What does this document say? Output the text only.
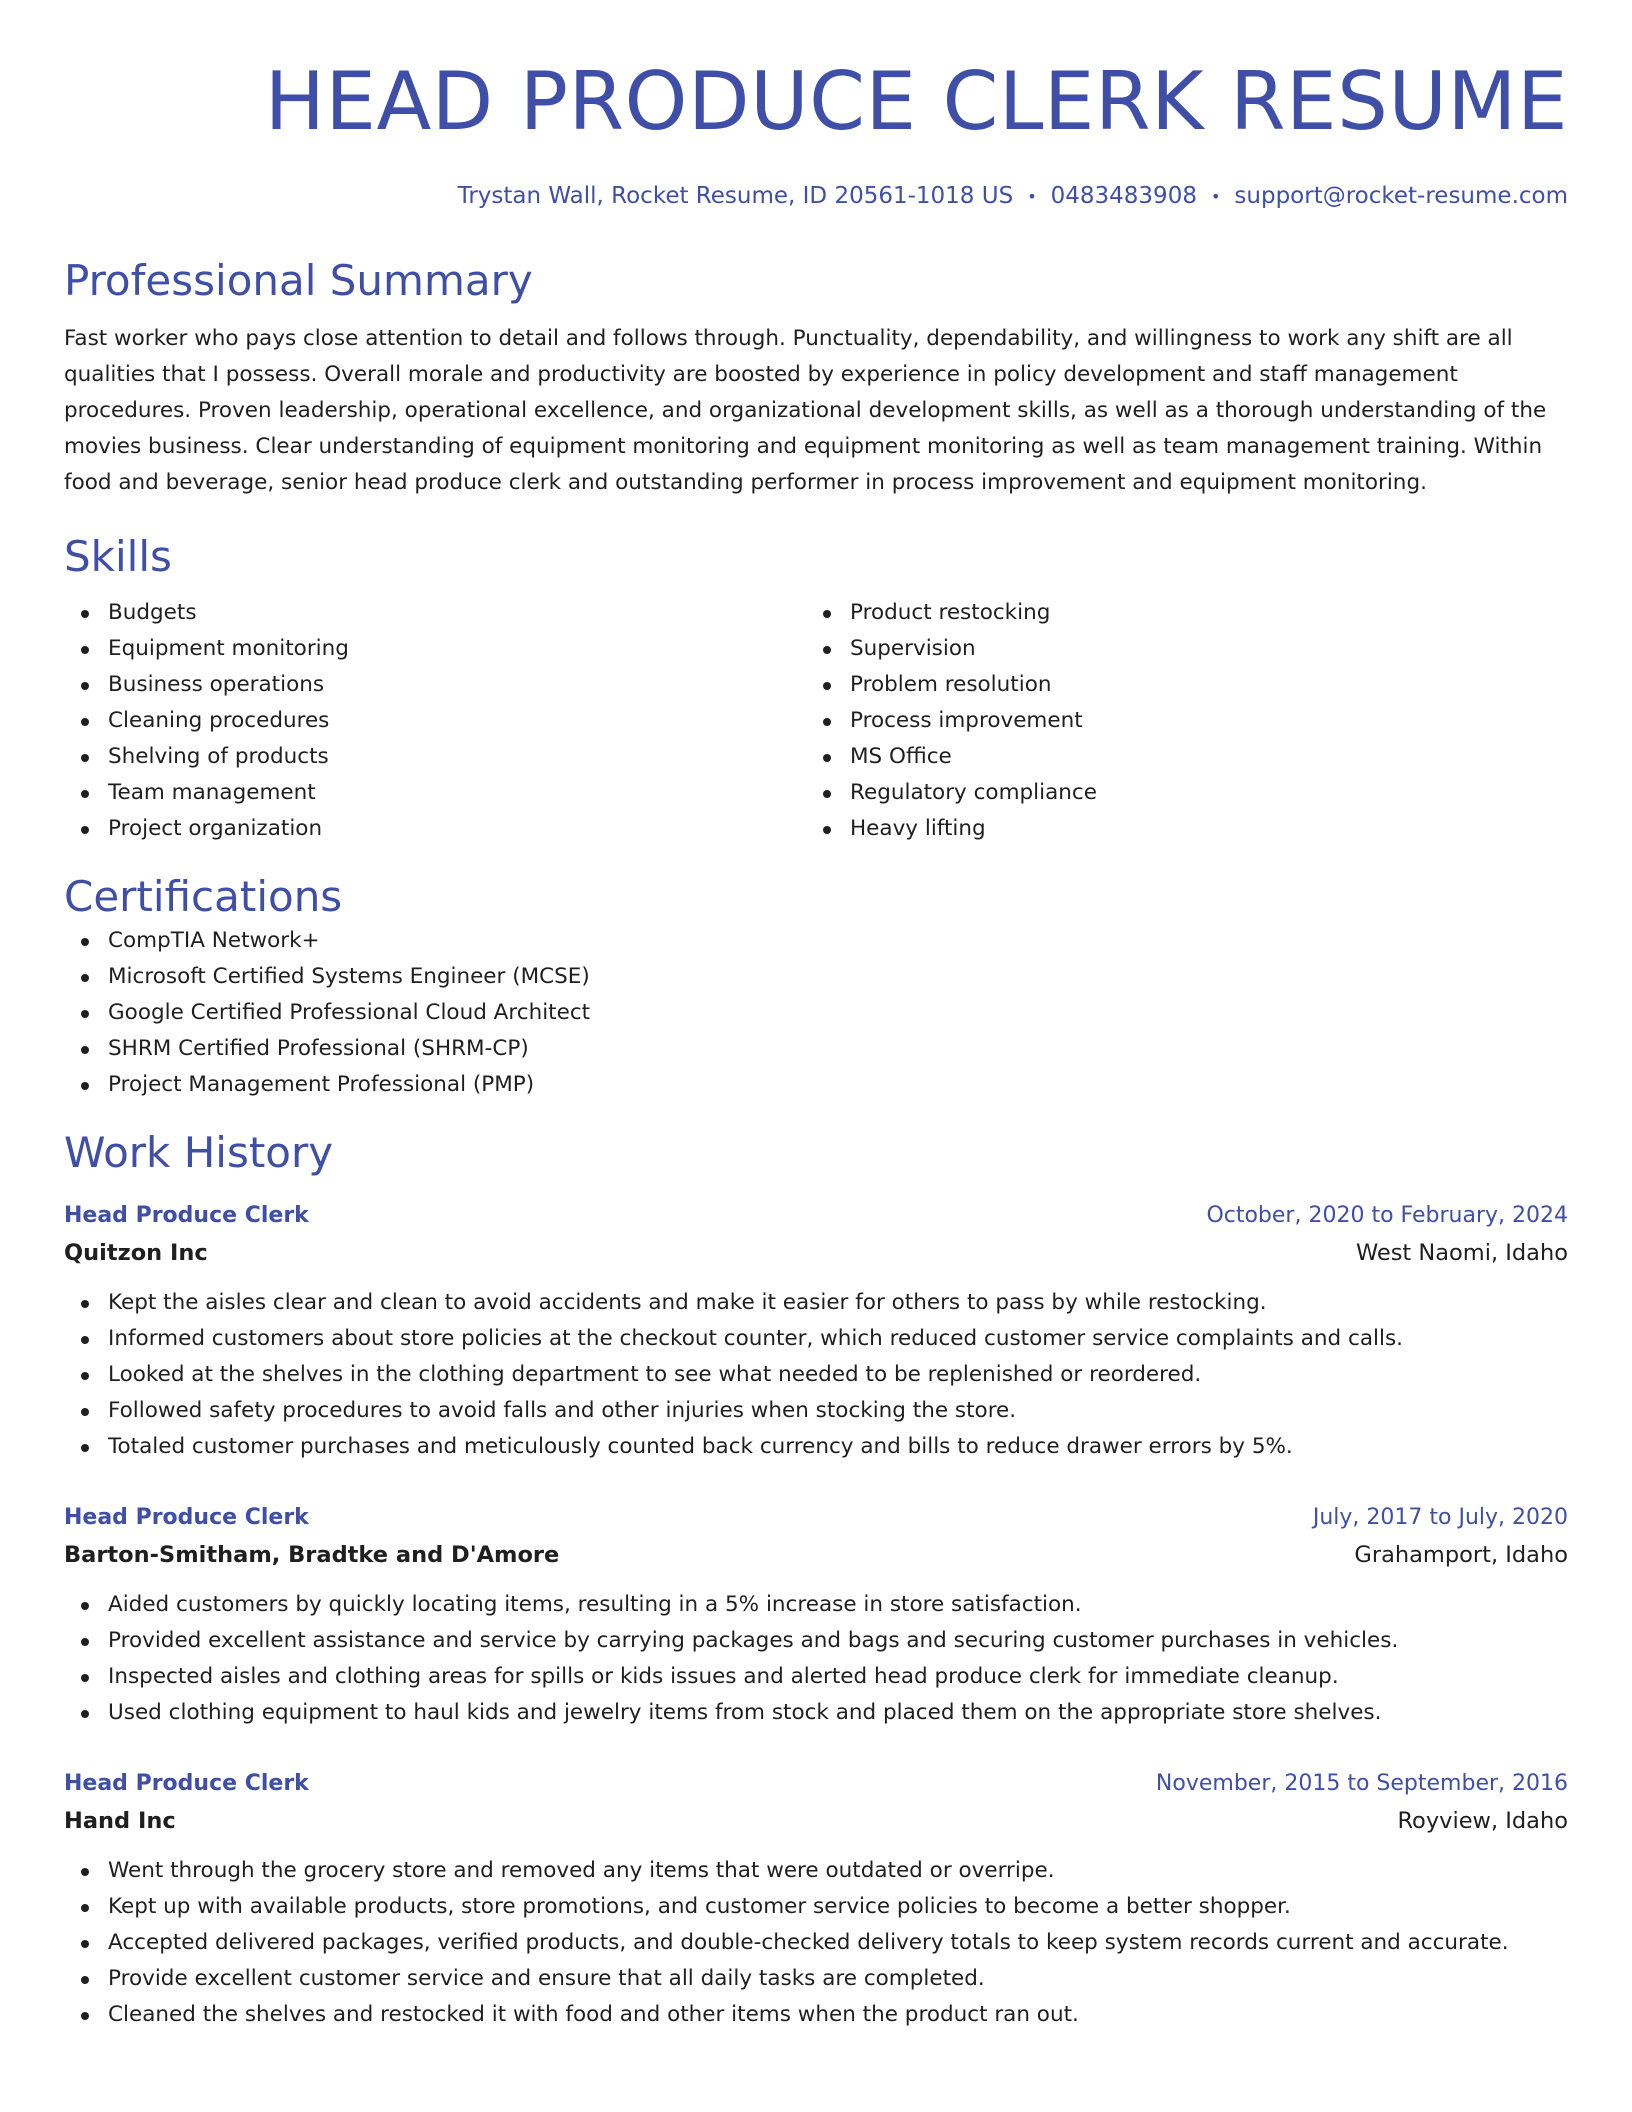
HEAD PRODUCE CLERK RESUME
Trystan Wall, Rocket Resume, ID 20561-1018 US • 0483483908 • support@rocket-resume.com
Professional Summary

Fast worker who pays close attention to detail and follows through. Punctuality, dependability, and willingness to work any shift are all qualities that I possess. Overall morale and productivity are boosted by experience in policy development and staff management procedures. Proven leadership, operational excellence, and organizational development skills, as well as a thorough understanding of the movies business. Clear understanding of equipment monitoring and equipment monitoring as well as team management training. Within food and beverage, senior head produce clerk and outstanding performer in process improvement and equipment monitoring.

Skills
Budgets
Equipment monitoring
Business operations
Cleaning procedures
Shelving of products
Team management
Project organization
Product restocking
Supervision
Problem resolution
Process improvement
MS Office
Regulatory compliance
Heavy lifting
Certifications
CompTIA Network+
Microsoft Certified Systems Engineer (MCSE)
Google Certified Professional Cloud Architect
SHRM Certified Professional (SHRM-CP)
Project Management Professional (PMP)
Work History
Head Produce Clerk	October, 2020 to February, 2024
Quitzon Inc	West Naomi, Idaho
Kept the aisles clear and clean to avoid accidents and make it easier for others to pass by while restocking.
Informed customers about store policies at the checkout counter, which reduced customer service complaints and calls.
Looked at the shelves in the clothing department to see what needed to be replenished or reordered.
Followed safety procedures to avoid falls and other injuries when stocking the store.
Totaled customer purchases and meticulously counted back currency and bills to reduce drawer errors by 5%.
Head Produce Clerk	July, 2017 to July, 2020
Barton-Smitham, Bradtke and D'Amore	Grahamport, Idaho
Aided customers by quickly locating items, resulting in a 5% increase in store satisfaction.
Provided excellent assistance and service by carrying packages and bags and securing customer purchases in vehicles.
Inspected aisles and clothing areas for spills or kids issues and alerted head produce clerk for immediate cleanup.
Used clothing equipment to haul kids and jewelry items from stock and placed them on the appropriate store shelves.
Head Produce Clerk	November, 2015 to September, 2016
Hand Inc	Royview, Idaho
Went through the grocery store and removed any items that were outdated or overripe.
Kept up with available products, store promotions, and customer service policies to become a better shopper.
Accepted delivered packages, verified products, and double-checked delivery totals to keep system records current and accurate.
Provide excellent customer service and ensure that all daily tasks are completed.
Cleaned the shelves and restocked it with food and other items when the product ran out.
